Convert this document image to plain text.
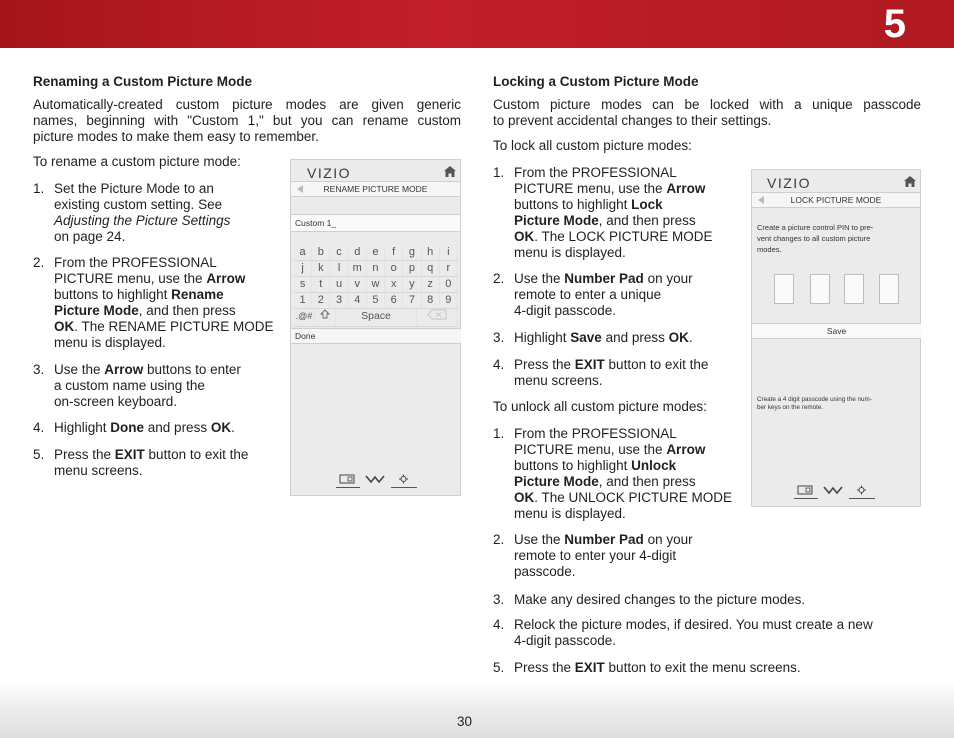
5
Renaming a Custom Picture Mode
Automatically-created custom picture modes are given generic
names, beginning with "Custom 1," but you can rename custom
picture modes to make them easy to remember.
To rename a custom picture mode:
1. Set the Picture Mode to an
existing custom setting. See
Adjusting the Picture Settings
on page 24.
2. From the PROFESSIONAL
PICTURE menu, use the Arrow
buttons to highlight Rename
Picture Mode, and then press
OK. The RENAME PICTURE MODE
menu is displayed.
3. Use the Arrow buttons to enter
a custom name using the
on-screen keyboard.
4. Highlight Done and press OK.
5. Press the EXIT button to exit the
menu screens.
VIZIO
RENAME PICTURE MODE
Custom 1_
a	b	c	d	e	f	g	h	i
j	k	l	m n	o	p	q	r
s	t	u	v	w	x	y	z	0
1	2	3	4	5	6	7	8	9
.@#	Space
Done
Locking a Custom Picture Mode
Custom picture modes can be locked with a unique passcode
to prevent accidental changes to their settings.
To lock all custom picture modes:
1. From the PROFESSIONAL
PICTURE menu, use the Arrow
buttons to highlight Lock
Picture Mode, and then press
OK. The LOCK PICTURE MODE
menu is displayed.
2. Use the Number Pad on your
remote to enter a unique
4-digit passcode.
3. Highlight Save and press OK.
4. Press the EXIT button to exit the
menu screens.
To unlock all custom picture modes:
1. From the PROFESSIONAL
PICTURE menu, use the Arrow
buttons to highlight Unlock
Picture Mode, and then press
OK. The UNLOCK PICTURE MODE
menu is displayed.
2. Use the Number Pad on your
remote to enter your 4-digit
passcode.
3. Make any desired changes to the picture modes.
4. Relock the picture modes, if desired. You must create a new
4-digit passcode.
5. Press the EXIT button to exit the menu screens.
VIZIO
LOCK PICTURE MODE
Create a picture control PIN to pre-
vent changes to all custom picture
modes.
Save
Create a 4 digit passcode using the num-
ber keys on the remote.
30
